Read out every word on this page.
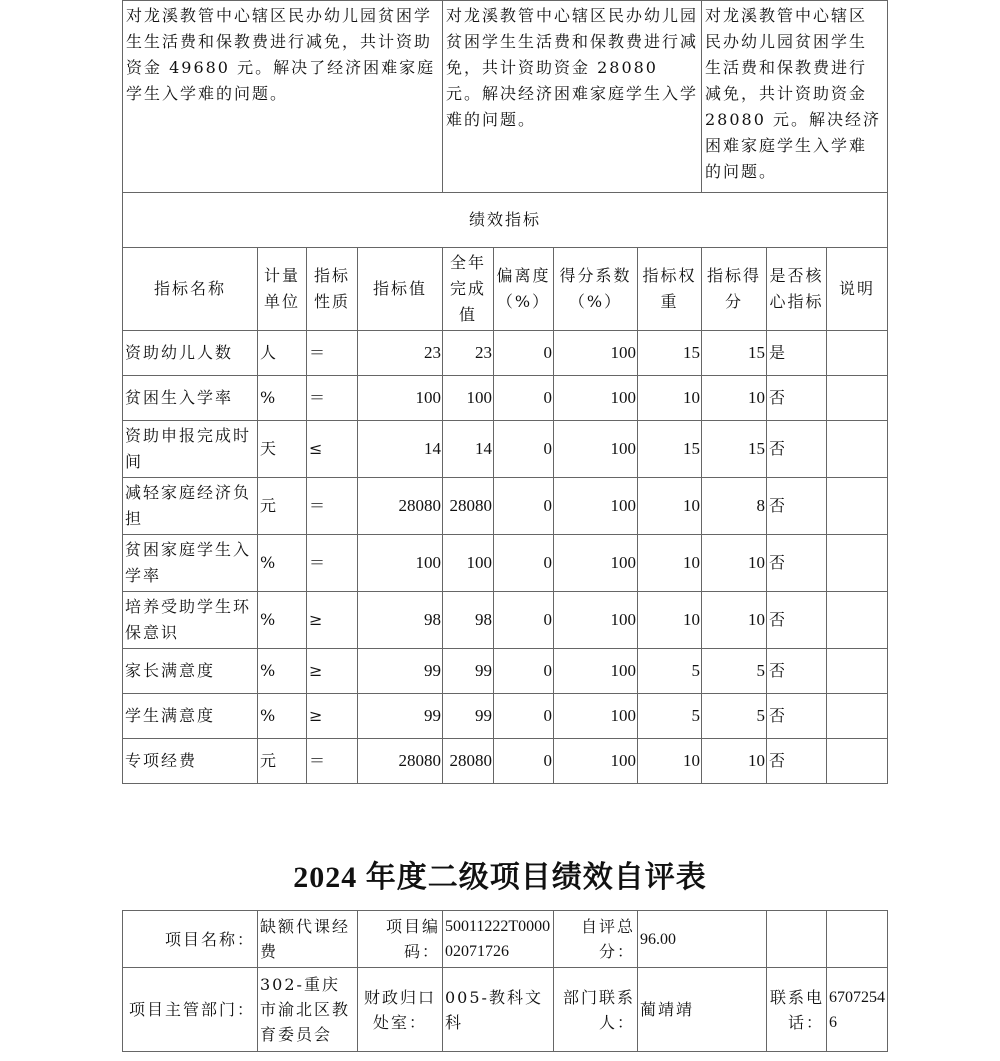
对龙溪教管中心辖区民办幼儿园贫困学生生活费和保教费进行减免，共计资助资金 49680 元。解决了经济困难家庭学生入学难的问题。	对龙溪教管中心辖区民办幼儿园贫困学生生活费和保教费进行减免，共计资助资金 28080 元。解决经济困难家庭学生入学难的问题。	对龙溪教管中心辖区民办幼儿园贫困学生生活费和保教费进行减免，共计资助资金 28080 元。解决经济困难家庭学生入学难的问题。
绩效指标										
指标名称	计量单位	指标性质	指标值	全年完成值	偏离度（%）	得分系数（%）	指标权重	指标得分	是否核心指标	说明
资助幼儿人数	人	＝	23	23	0	100	15	15	是	
贫困生入学率	%	＝	100	100	0	100	10	10	否	
资助申报完成时间	天	≤	14	14	0	100	15	15	否	
减轻家庭经济负担	元	＝	28080	28080	0	100	10	8	否	
贫困家庭学生入学率	%	＝	100	100	0	100	10	10	否	
培养受助学生环保意识	%	≥	98	98	0	100	10	10	否	
家长满意度	%	≥	99	99	0	100	5	5	否	
学生满意度	%	≥	99	99	0	100	5	5	否	
专项经费	元	＝	28080	28080	0	100	10	10	否	
2024 年度二级项目绩效自评表
项目名称：	缺额代课经费	项目编码：	50011222T000002071726	自评总分：	96.00		
项目主管部门：	302-重庆市渝北区教育委员会	财政归口处室：	005-教科文科	部门联系人：	蔺靖靖	联系电话：	67072546
